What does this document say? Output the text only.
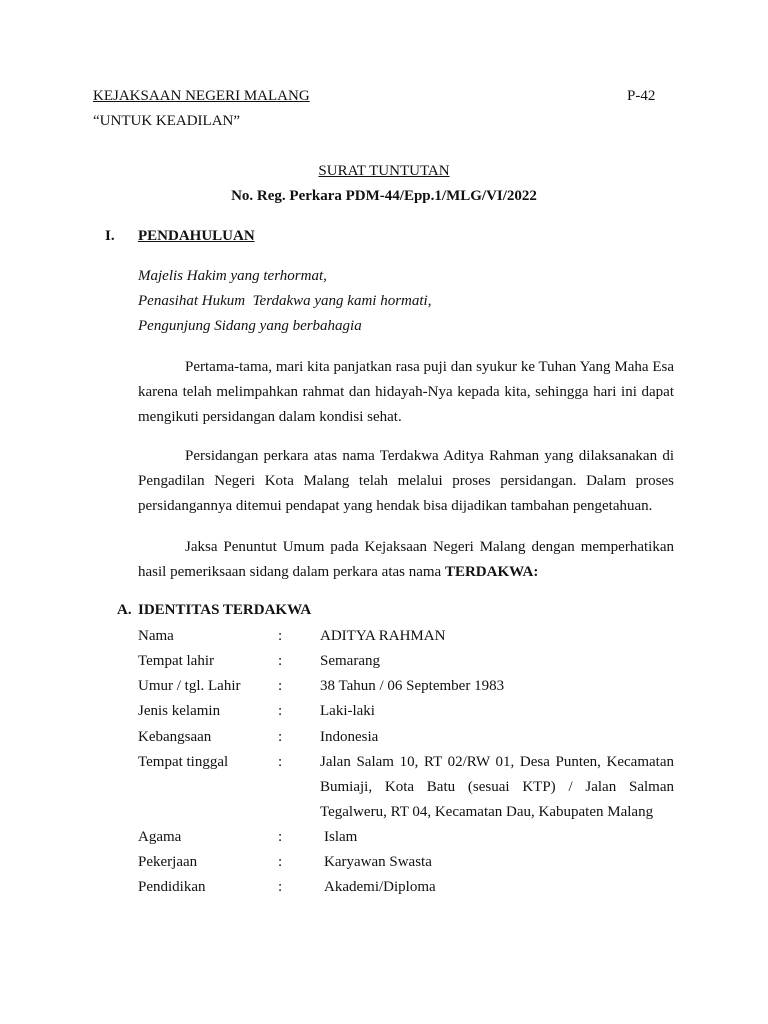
KEJAKSAAN NEGERI MALANG	P-42
“UNTUK KEADILAN”
SURAT TUNTUTAN
No. Reg. Perkara PDM-44/Epp.1/MLG/VI/2022
I. PENDAHULUAN
Majelis Hakim yang terhormat,
Penasihat Hukum  Terdakwa yang kami hormati,
Pengunjung Sidang yang berbahagia

Pertama-tama, mari kita panjatkan rasa puji dan syukur ke Tuhan Yang Maha Esa karena telah melimpahkan rahmat dan hidayah-Nya kepada kita, sehingga hari ini dapat mengikuti persidangan dalam kondisi sehat.

Persidangan perkara atas nama Terdakwa Aditya Rahman yang dilaksanakan di Pengadilan Negeri Kota Malang telah melalui proses persidangan. Dalam proses persidangannya ditemui pendapat yang hendak bisa dijadikan tambahan pengetahuan.

Jaksa Penuntut Umum pada Kejaksaan Negeri Malang dengan memperhatikan hasil pemeriksaan sidang dalam perkara atas nama TERDAKWA:

A. IDENTITAS TERDAKWA
Nama	:	ADITYA RAHMAN
Tempat lahir	:	Semarang
Umur / tgl. Lahir	:	38 Tahun / 06 September 1983
Jenis kelamin	:	Laki-laki
Kebangsaan	:	Indonesia
Tempat tinggal	:	Jalan Salam 10, RT 02/RW 01, Desa Punten, Kecamatan Bumiaji, Kota Batu (sesuai KTP) / Jalan Salman Tegalweru, RT 04, Kecamatan Dau, Kabupaten Malang
Agama	:	Islam
Pekerjaan	:	Karyawan Swasta
Pendidikan	:	Akademi/Diploma
